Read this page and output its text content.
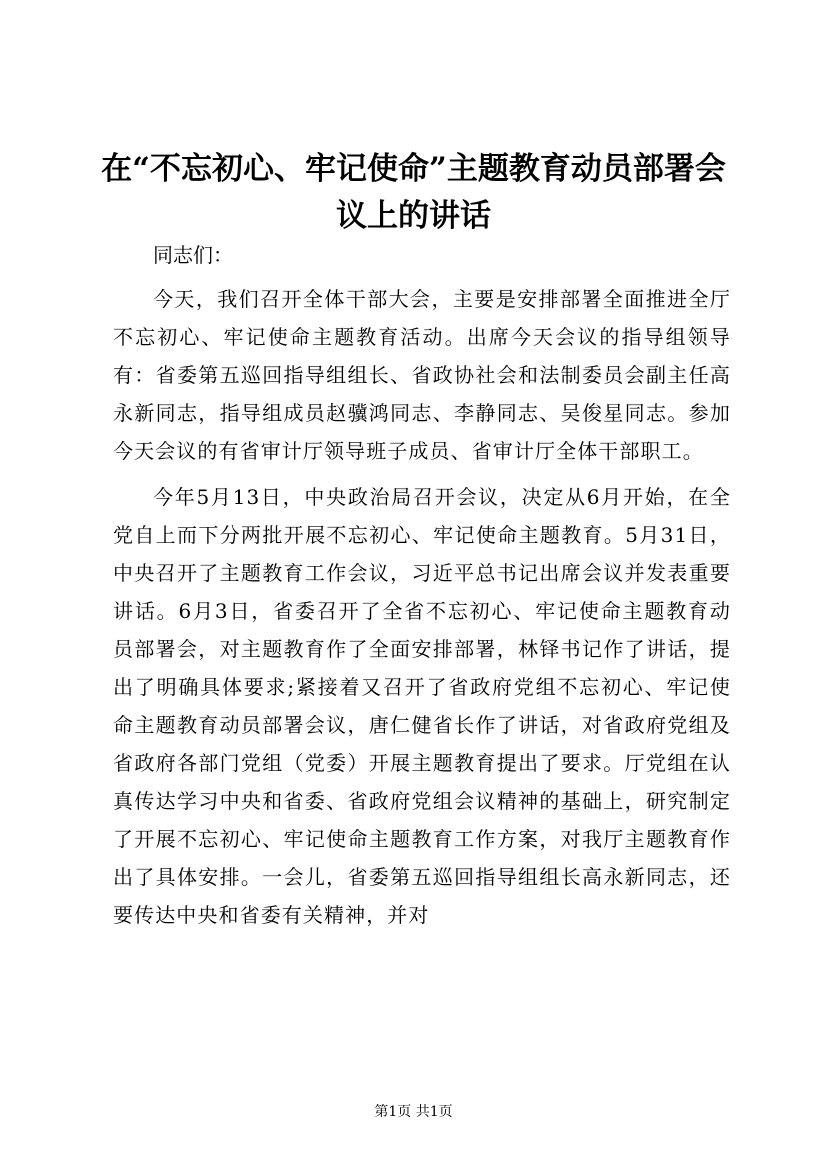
在“不忘初心、牢记使命”主题教育动员部署会议上的讲话

同志们：

今天，我们召开全体干部大会，主要是安排部署全面推进全厅不忘初心、牢记使命主题教育活动。出席今天会议的指导组领导有：省委第五巡回指导组组长、省政协社会和法制委员会副主任高永新同志，指导组成员赵骥鸿同志、李静同志、吴俊星同志。参加今天会议的有省审计厅领导班子成员、省审计厅全体干部职工。

今年5月13日，中央政治局召开会议，决定从6月开始，在全党自上而下分两批开展不忘初心、牢记使命主题教育。5月31日，中央召开了主题教育工作会议，习近平总书记出席会议并发表重要讲话。6月3日，省委召开了全省不忘初心、牢记使命主题教育动员部署会，对主题教育作了全面安排部署，林铎书记作了讲话，提出了明确具体要求;紧接着又召开了省政府党组不忘初心、牢记使命主题教育动员部署会议，唐仁健省长作了讲话，对省政府党组及省政府各部门党组（党委）开展主题教育提出了要求。厅党组在认真传达学习中央和省委、省政府党组会议精神的基础上，研究制定了开展不忘初心、牢记使命主题教育工作方案，对我厅主题教育作出了具体安排。一会儿，省委第五巡回指导组组长高永新同志，还要传达中央和省委有关精神，并对

第1页 共1页
